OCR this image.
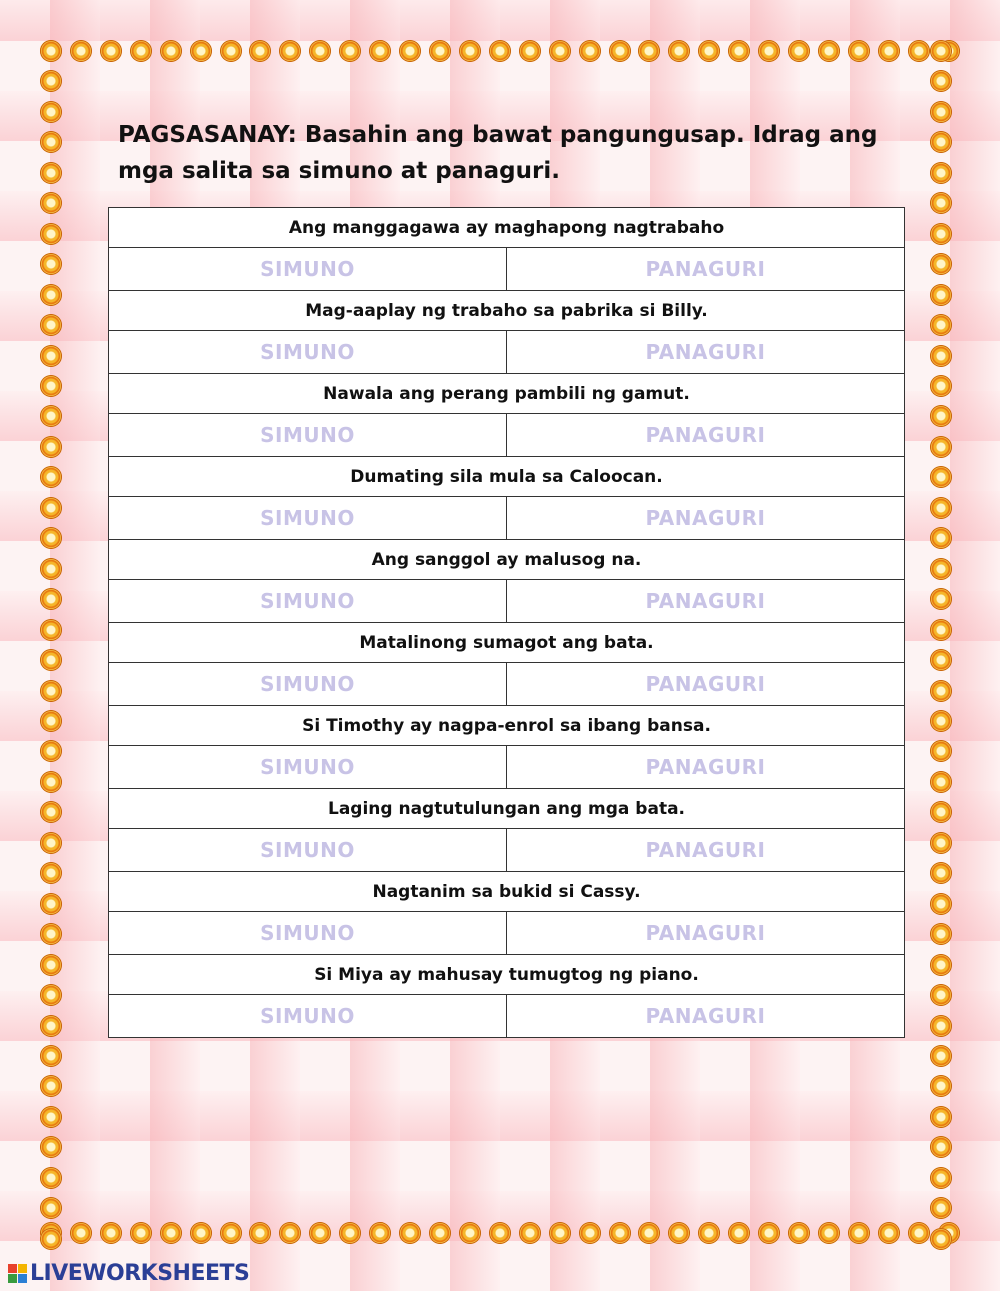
PAGSASANAY: Basahin ang bawat pangungusap. Idrag ang mga salita sa simuno at panaguri.
Ang manggagawa ay maghapong nagtrabaho	

SIMUNO	PANAGURI

Mag-aaplay ng trabaho sa pabrika si Billy.	

SIMUNO	PANAGURI

Nawala ang perang pambili ng gamut.	

SIMUNO	PANAGURI

Dumating sila mula sa Caloocan.	

SIMUNO	PANAGURI

Ang sanggol ay malusog na.	

SIMUNO	PANAGURI

Matalinong sumagot ang bata.	

SIMUNO	PANAGURI

Si Timothy ay nagpa-enrol sa ibang bansa.	

SIMUNO	PANAGURI

Laging nagtutulungan ang mga bata.	

SIMUNO	PANAGURI

Nagtanim sa bukid si Cassy.	

SIMUNO	PANAGURI

Si Miya ay mahusay tumugtog ng piano.	

SIMUNO	PANAGURI
LIVEWORKSHEETS
